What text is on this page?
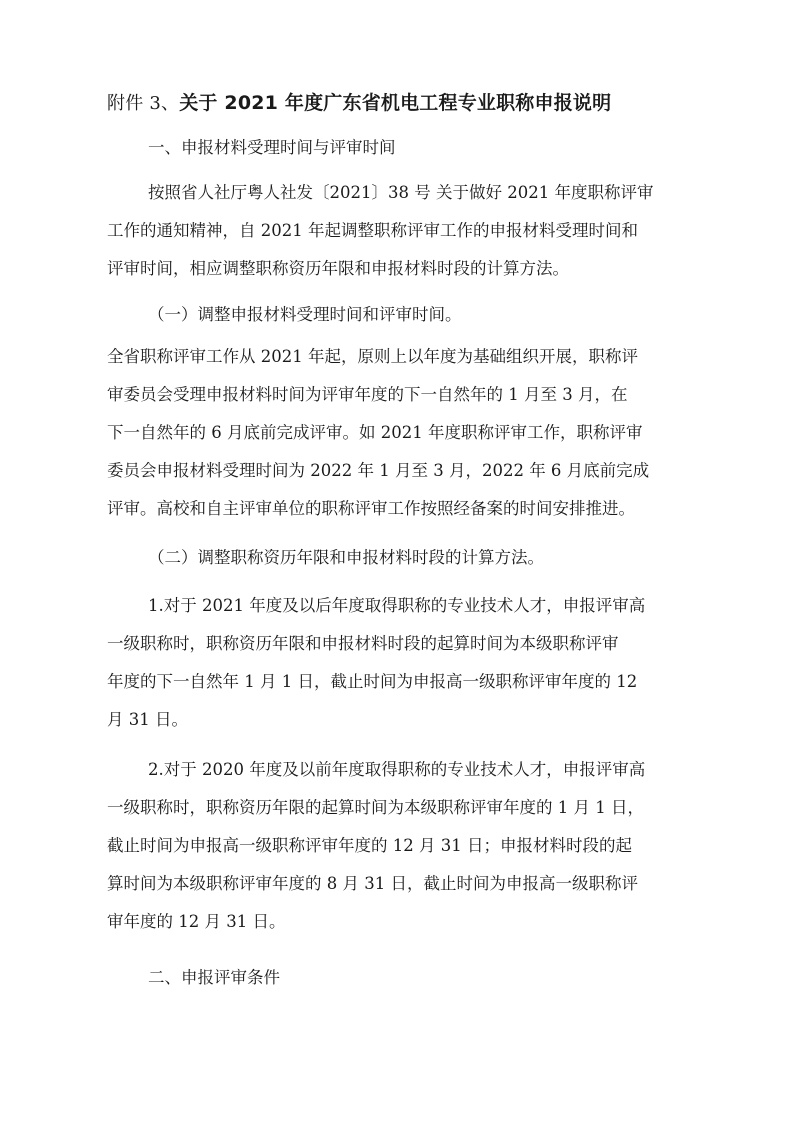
附件 3、关于 2021 年度广东省机电工程专业职称申报说明
一、申报材料受理时间与评审时间
按照省人社厅粤人社发〔2021〕38 号 关于做好 2021 年度职称评审
工作的通知精神，自 2021 年起调整职称评审工作的申报材料受理时间和
评审时间，相应调整职称资历年限和申报材料时段的计算方法。
（一）调整申报材料受理时间和评审时间。
全省职称评审工作从 2021 年起，原则上以年度为基础组织开展，职称评
审委员会受理申报材料时间为评审年度的下一自然年的 1 月至 3 月，在
下一自然年的 6 月底前完成评审。如 2021 年度职称评审工作，职称评审
委员会申报材料受理时间为 2022 年 1 月至 3 月，2022 年 6 月底前完成
评审。高校和自主评审单位的职称评审工作按照经备案的时间安排推进。
（二）调整职称资历年限和申报材料时段的计算方法。
1.对于 2021 年度及以后年度取得职称的专业技术人才，申报评审高
一级职称时，职称资历年限和申报材料时段的起算时间为本级职称评审
年度的下一自然年 1 月 1 日，截止时间为申报高一级职称评审年度的 12
月 31 日。
2.对于 2020 年度及以前年度取得职称的专业技术人才，申报评审高
一级职称时，职称资历年限的起算时间为本级职称评审年度的 1 月 1 日，
截止时间为申报高一级职称评审年度的 12 月 31 日；申报材料时段的起
算时间为本级职称评审年度的 8 月 31 日，截止时间为申报高一级职称评
审年度的 12 月 31 日。
二、申报评审条件
